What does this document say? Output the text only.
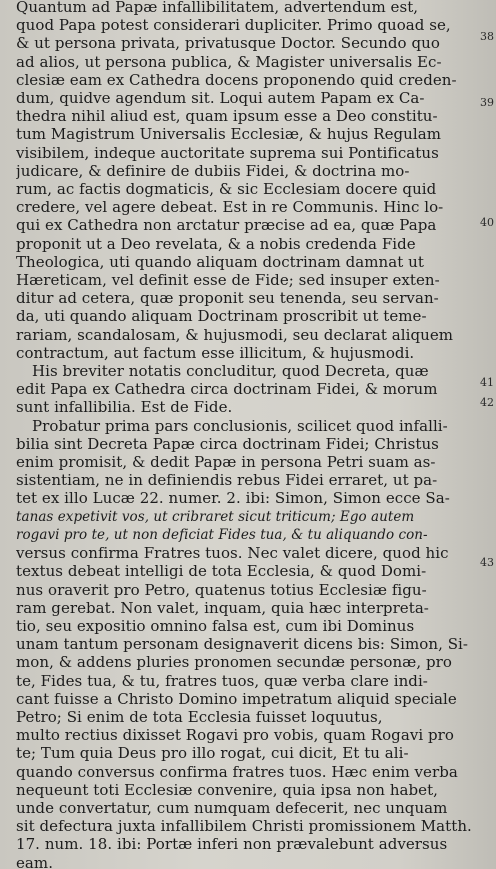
Quantum ad Papæ infallibilitatem, advertendum est,
quod Papa potest considerari dupliciter. Primo quoad se,
& ut persona privata, privatusque Doctor. Secundo quo
ad alios, ut persona publica, & Magister universalis Ec-
clesiæ eam ex Cathedra docens proponendo quid creden-
dum, quidve agendum sit. Loqui autem Papam ex Ca-
thedra nihil aliud est, quam ipsum esse a Deo constitu-
tum Magistrum Universalis Ecclesiæ, & hujus Regulam
visibilem, indeque auctoritate suprema sui Pontificatus
judicare, & definire de dubiis Fidei, & doctrina mo-
rum, ac factis dogmaticis, & sic Ecclesiam docere quid
credere, vel agere debeat. Est in re Communis. Hinc lo-
qui ex Cathedra non arctatur præcise ad ea, quæ Papa
proponit ut a Deo revelata, & a nobis credenda Fide
Theologica, uti quando aliquam doctrinam damnat ut
Hæreticam, vel definit esse de Fide; sed insuper exten-
ditur ad cetera, quæ proponit seu tenenda, seu servan-
da, uti quando aliquam Doctrinam proscribit ut teme-
rariam, scandalosam, & hujusmodi, seu declarat aliquem
contractum, aut factum esse illicitum, & hujusmodi.

His breviter notatis concluditur, quod Decreta, quæ
edit Papa ex Cathedra circa doctrinam Fidei, & morum
sunt infallibilia. Est de Fide.

Probatur prima pars conclusionis, scilicet quod infalli-
bilia sint Decreta Papæ circa doctrinam Fidei; Christus
enim promisit, & dedit Papæ in persona Petri suam as-
sistentiam, ne in definiendis rebus Fidei erraret, ut pa-
tet ex illo Lucæ 22. numer. 2. ibi: Simon, Simon ecce Sa-
tanas expetivit vos, ut cribraret sicut triticum; Ego autem
rogavi pro te, ut non deficiat Fides tua, & tu aliquando con-
versus confirma Fratres tuos. Nec valet dicere, quod hic
textus debeat intelligi de tota Ecclesia, & quod Domi-
nus oraverit pro Petro, quatenus totius Ecclesiæ figu-
ram gerebat. Non valet, inquam, quia hæc interpreta-
tio, seu expositio omnino falsa est, cum ibi Dominus
unam tantum personam designaverit dicens bis: Simon, Si-
mon, & addens pluries pronomen secundæ personæ, pro
te, Fides tua, & tu, fratres tuos, quæ verba clare indi-
cant fuisse a Christo Domino impetratum aliquid speciale
Petro; Si enim de tota Ecclesia fuisset loquutus,
multo rectius dixisset Rogavi pro vobis, quam Rogavi pro
te; Tum quia Deus pro illo rogat, cui dicit, Et tu ali-
quando conversus confirma fratres tuos. Hæc enim verba
nequeunt toti Ecclesiæ convenire, quia ipsa non habet,
unde convertatur, cum numquam defecerit, nec unquam
sit defectura juxta infallibilem Christi promissionem Matth.
17. num. 18. ibi: Portæ inferi non prævalebunt adversus
eam.

38
39
40
41
42
43
